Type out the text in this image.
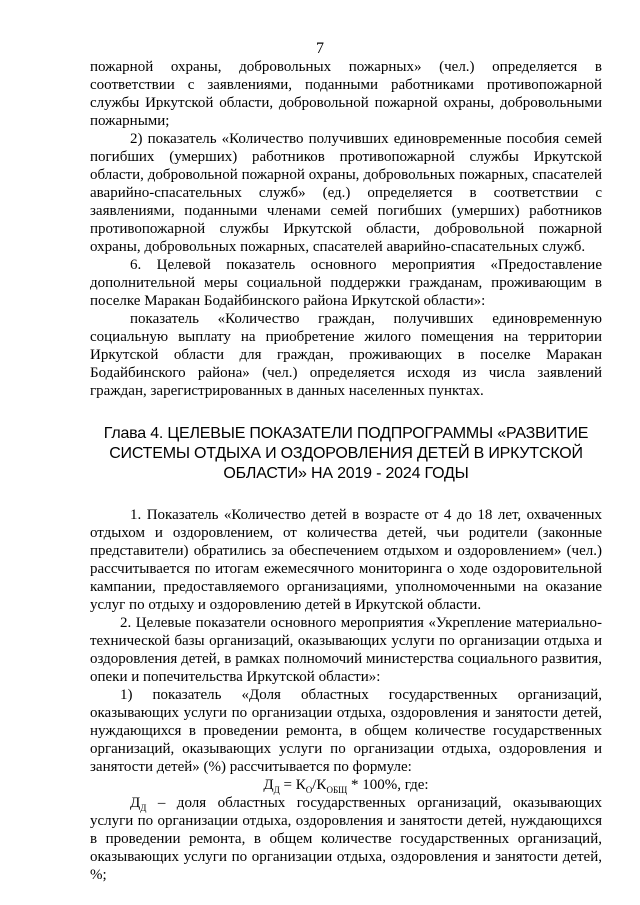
7

пожарной охраны, добровольных пожарных» (чел.) определяется в соответствии с заявлениями, поданными работниками противопожарной службы Иркутской области, добровольной пожарной охраны, добровольными пожарными;

2) показатель «Количество получивших единовременные пособия семей погибших (умерших) работников противопожарной службы Иркутской области, добровольной пожарной охраны, добровольных пожарных, спасателей аварийно-спасательных служб» (ед.) определяется в соответствии с заявлениями, поданными членами семей погибших (умерших) работников противопожарной службы Иркутской области, добровольной пожарной охраны, добровольных пожарных, спасателей аварийно-спасательных служб.

6. Целевой показатель основного мероприятия «Предоставление дополнительной меры социальной поддержки гражданам, проживающим в поселке Маракан Бодайбинского района Иркутской области»:

показатель «Количество граждан, получивших единовременную социальную выплату на приобретение жилого помещения на территории Иркутской области для граждан, проживающих в поселке Маракан Бодайбинского района» (чел.) определяется исходя из числа заявлений граждан, зарегистрированных в данных населенных пунктах.

Глава 4. ЦЕЛЕВЫЕ ПОКАЗАТЕЛИ ПОДПРОГРАММЫ «РАЗВИТИЕ СИСТЕМЫ ОТДЫХА И ОЗДОРОВЛЕНИЯ ДЕТЕЙ В ИРКУТСКОЙ ОБЛАСТИ» НА 2019 - 2024 ГОДЫ

1. Показатель «Количество детей в возрасте от 4 до 18 лет, охваченных отдыхом и оздоровлением, от количества детей, чьи родители (законные представители) обратились за обеспечением отдыхом и оздоровлением» (чел.) рассчитывается по итогам ежемесячного мониторинга о ходе оздоровительной кампании, предоставляемого организациями, уполномоченными на оказание услуг по отдыху и оздоровлению детей в Иркутской области.

2. Целевые показатели основного мероприятия «Укрепление материально-технической базы организаций, оказывающих услуги по организации отдыха и оздоровления детей, в рамках полномочий министерства социального развития, опеки и попечительства Иркутской области»:

1) показатель «Доля областных государственных организаций, оказывающих услуги по организации отдыха, оздоровления и занятости детей, нуждающихся в проведении ремонта, в общем количестве государственных организаций, оказывающих услуги по организации отдыха, оздоровления и занятости детей» (%) рассчитывается по формуле:

$Д_Д = К_О/К_{ОБЩ} * 100\%$, где:

$Д_Д$ – доля областных государственных организаций, оказывающих услуги по организации отдыха, оздоровления и занятости детей, нуждающихся в проведении ремонта, в общем количестве государственных организаций, оказывающих услуги по организации отдыха, оздоровления и занятости детей, %;
